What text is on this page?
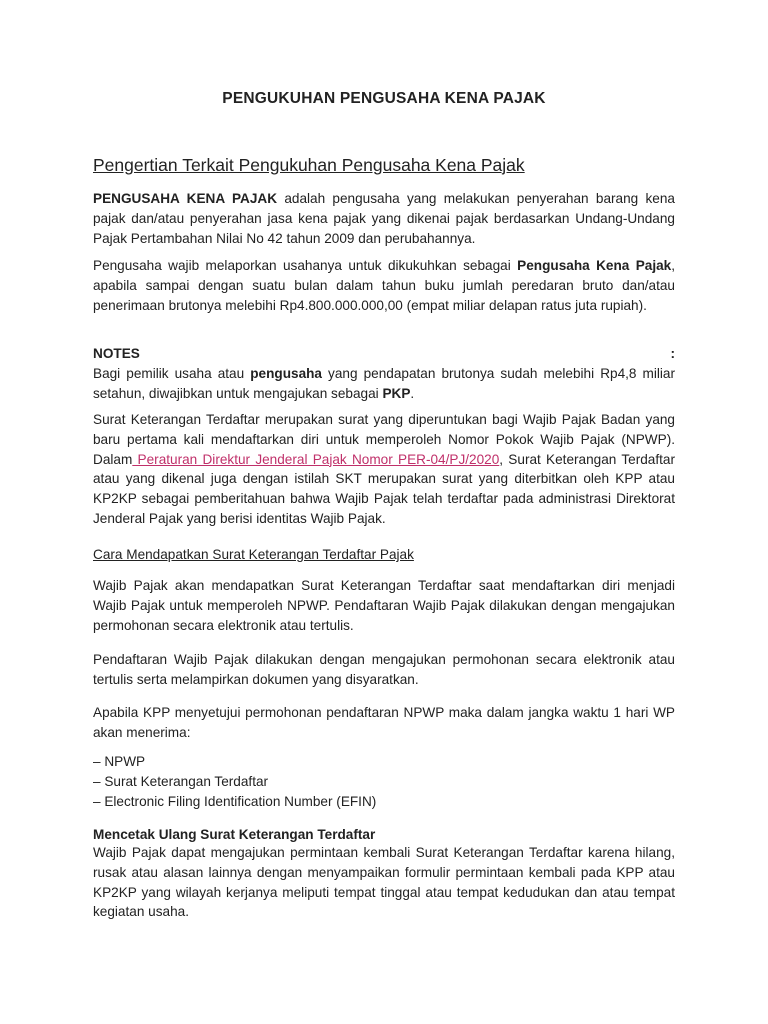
PENGUKUHAN PENGUSAHA KENA PAJAK
Pengertian Terkait Pengukuhan Pengusaha Kena Pajak

PENGUSAHA KENA PAJAK adalah pengusaha yang melakukan penyerahan barang kena pajak dan/atau penyerahan jasa kena pajak yang dikenai pajak berdasarkan Undang-Undang Pajak Pertambahan Nilai No 42 tahun 2009 dan perubahannya.

Pengusaha wajib melaporkan usahanya untuk dikukuhkan sebagai Pengusaha Kena Pajak, apabila sampai dengan suatu bulan dalam tahun buku jumlah peredaran bruto dan/atau penerimaan brutonya melebihi Rp4.800.000.000,00 (empat miliar delapan ratus juta rupiah).

NOTES	:
Bagi pemilik usaha atau pengusaha yang pendapatan brutonya sudah melebihi Rp4,8 miliar setahun, diwajibkan untuk mengajukan sebagai PKP.

Surat Keterangan Terdaftar merupakan surat yang diperuntukan bagi Wajib Pajak Badan yang baru pertama kali mendaftarkan diri untuk memperoleh Nomor Pokok Wajib Pajak (NPWP). Dalam Peraturan Direktur Jenderal Pajak Nomor PER-04/PJ/2020, Surat Keterangan Terdaftar atau yang dikenal juga dengan istilah SKT merupakan surat yang diterbitkan oleh KPP atau KP2KP sebagai pemberitahuan bahwa Wajib Pajak telah terdaftar pada administrasi Direktorat Jenderal Pajak yang berisi identitas Wajib Pajak.

Cara Mendapatkan Surat Keterangan Terdaftar Pajak

Wajib Pajak akan mendapatkan Surat Keterangan Terdaftar saat mendaftarkan diri menjadi Wajib Pajak untuk memperoleh NPWP. Pendaftaran Wajib Pajak dilakukan dengan mengajukan permohonan secara elektronik atau tertulis.

Pendaftaran Wajib Pajak dilakukan dengan mengajukan permohonan secara elektronik atau tertulis serta melampirkan dokumen yang disyaratkan.

Apabila KPP menyetujui permohonan pendaftaran NPWP maka dalam jangka waktu 1 hari WP akan menerima:

– NPWP
– Surat Keterangan Terdaftar
– Electronic Filing Identification Number (EFIN)
Mencetak Ulang Surat Keterangan Terdaftar

Wajib Pajak dapat mengajukan permintaan kembali Surat Keterangan Terdaftar karena hilang, rusak atau alasan lainnya dengan menyampaikan formulir permintaan kembali pada KPP atau KP2KP yang wilayah kerjanya meliputi tempat tinggal atau tempat kedudukan dan atau tempat kegiatan usaha.
